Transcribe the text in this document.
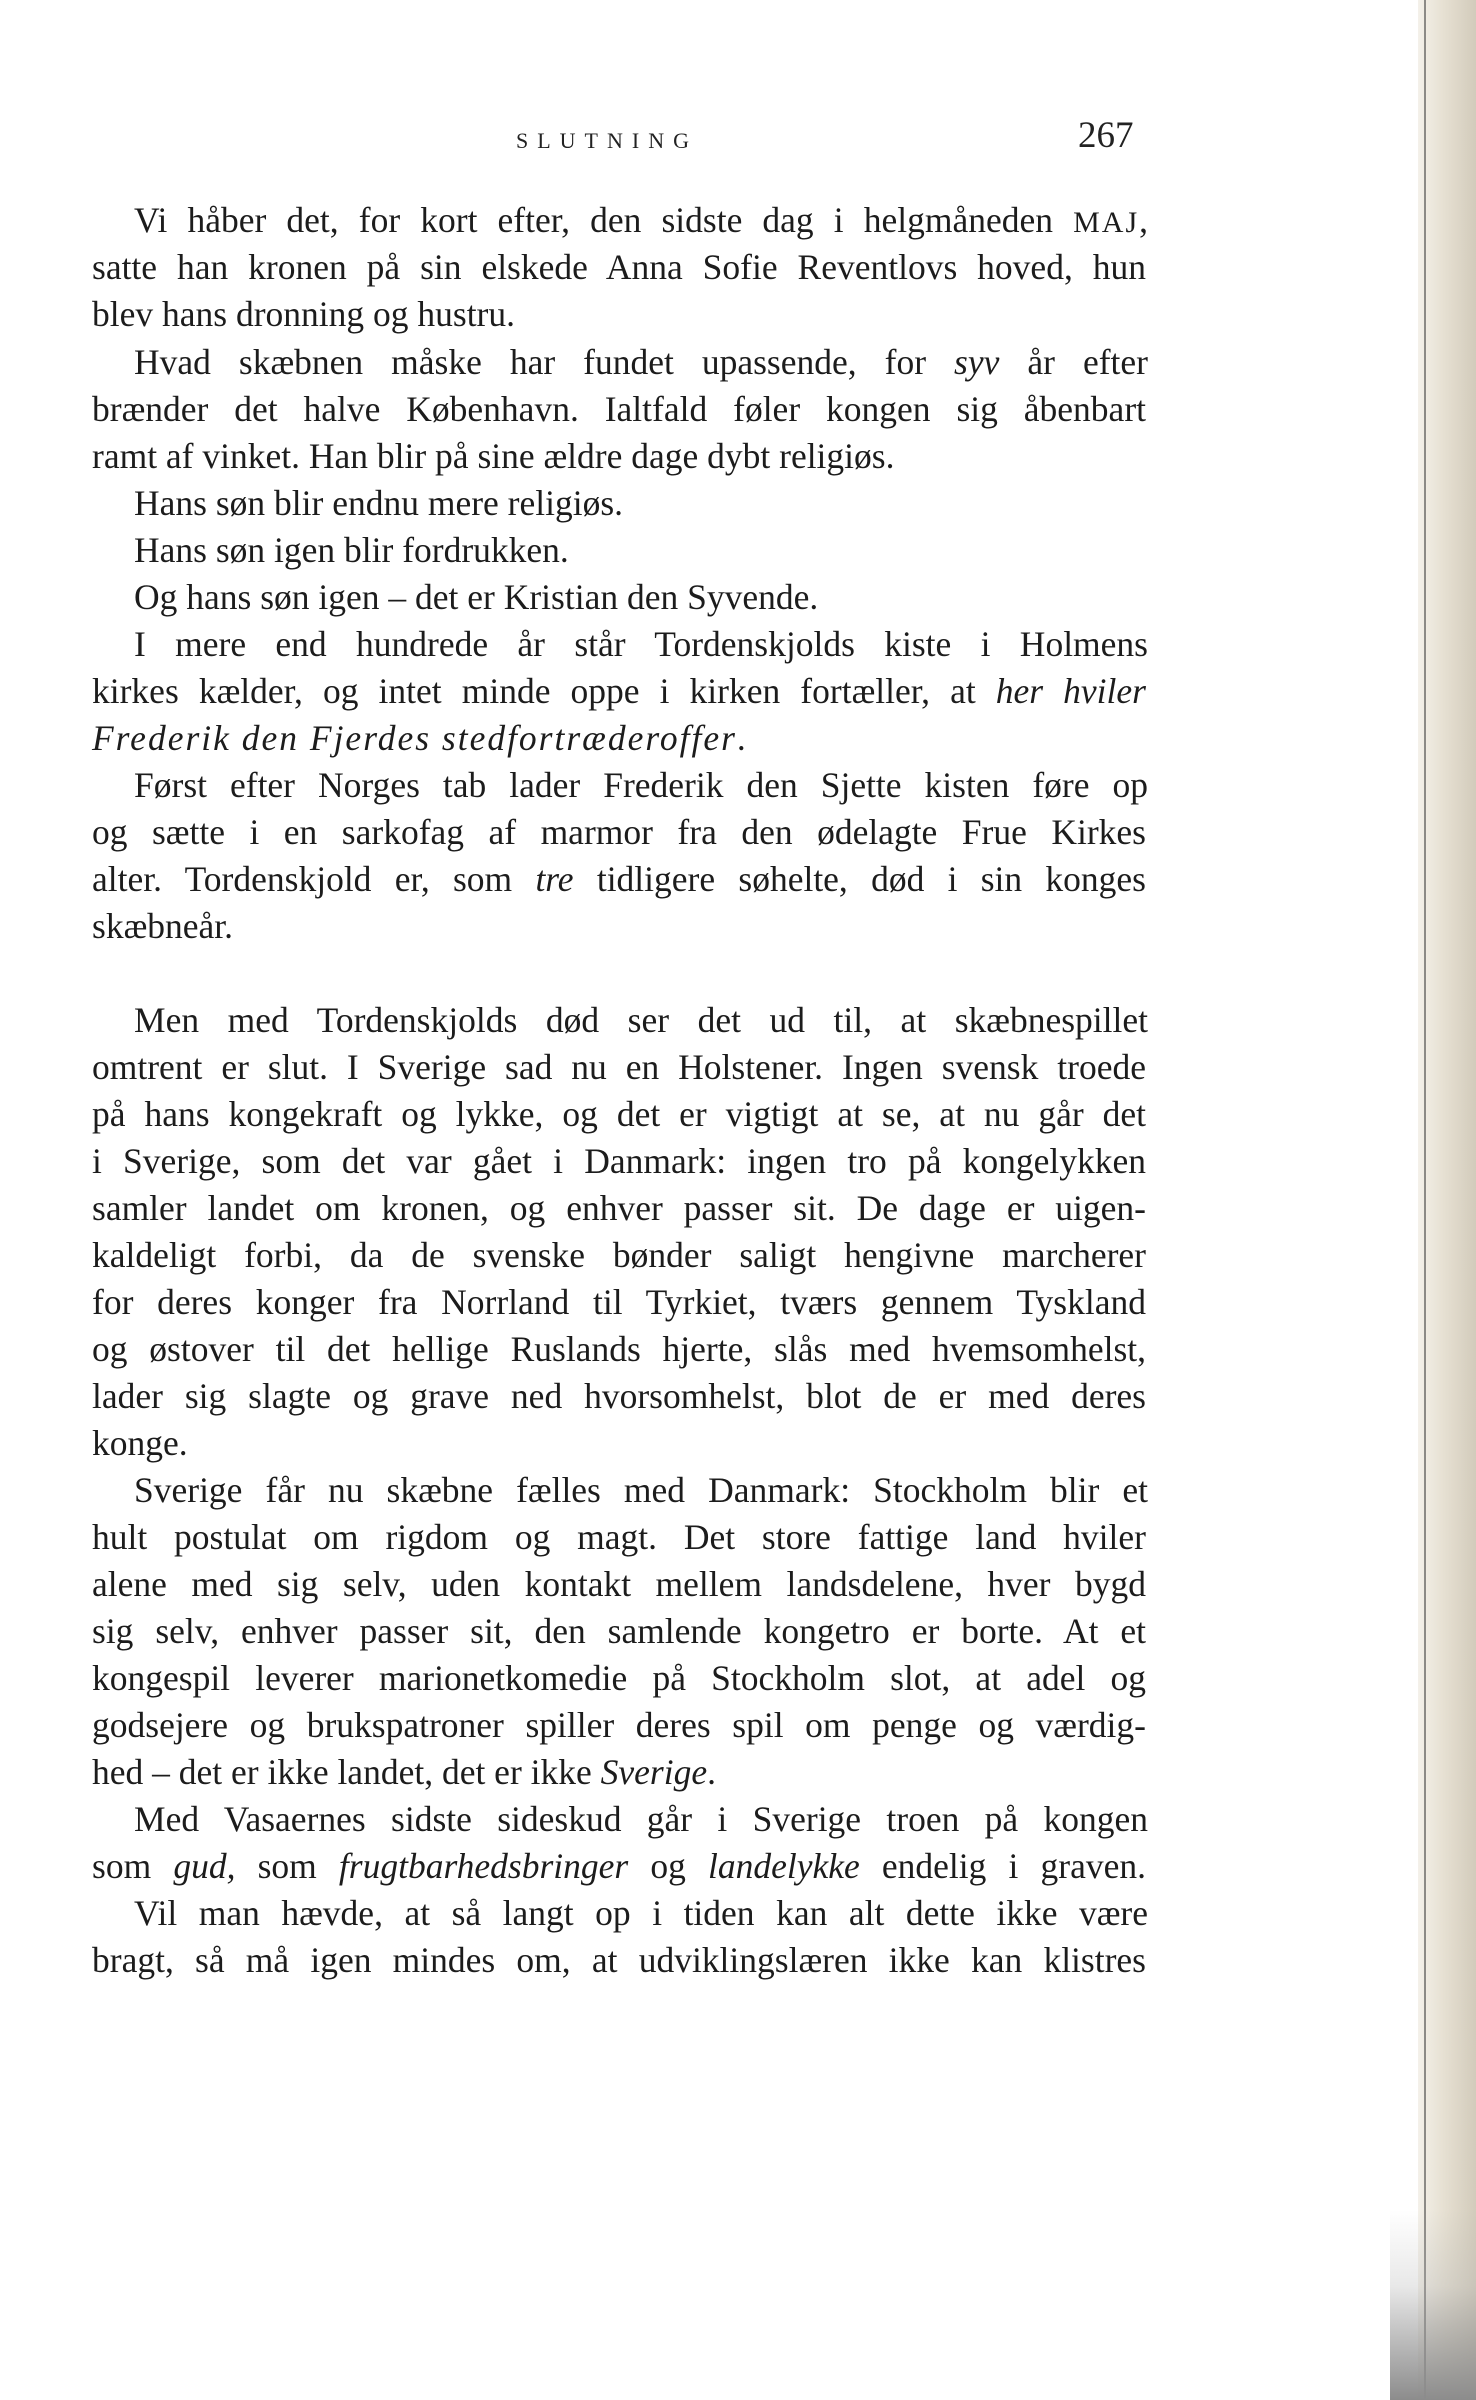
SLUTNING	267
Vi håber det, for kort efter, den sidste dag i helgmåneden MAJ,
satte han kronen på sin elskede Anna Sofie Reventlovs hoved, hun
blev hans dronning og hustru.
Hvad skæbnen måske har fundet upassende, for syv år efter
brænder det halve København. Ialtfald føler kongen sig åbenbart
ramt af vinket. Han blir på sine ældre dage dybt religiøs.
Hans søn blir endnu mere religiøs.
Hans søn igen blir fordrukken.
Og hans søn igen – det er Kristian den Syvende.
I mere end hundrede år står Tordenskjolds kiste i Holmens
kirkes kælder, og intet minde oppe i kirken fortæller, at her hviler
Frederik den Fjerdes stedfortræderoffer.
Først efter Norges tab lader Frederik den Sjette kisten føre op
og sætte i en sarkofag af marmor fra den ødelagte Frue Kirkes
alter. Tordenskjold er, som tre tidligere søhelte, død i sin konges
skæbneår.
Men med Tordenskjolds død ser det ud til, at skæbnespillet
omtrent er slut. I Sverige sad nu en Holstener. Ingen svensk troede
på hans kongekraft og lykke, og det er vigtigt at se, at nu går det
i Sverige, som det var gået i Danmark: ingen tro på kongelykken
samler landet om kronen, og enhver passer sit. De dage er uigen-
kaldeligt forbi, da de svenske bønder saligt hengivne marcherer
for deres konger fra Norrland til Tyrkiet, tværs gennem Tyskland
og østover til det hellige Ruslands hjerte, slås med hvemsomhelst,
lader sig slagte og grave ned hvorsomhelst, blot de er med deres
konge.
Sverige får nu skæbne fælles med Danmark: Stockholm blir et
hult postulat om rigdom og magt. Det store fattige land hviler
alene med sig selv, uden kontakt mellem landsdelene, hver bygd
sig selv, enhver passer sit, den samlende kongetro er borte. At et
kongespil leverer marionetkomedie på Stockholm slot, at adel og
godsejere og brukspatroner spiller deres spil om penge og værdig-
hed – det er ikke landet, det er ikke Sverige.
Med Vasaernes sidste sideskud går i Sverige troen på kongen
som gud, som frugtbarhedsbringer og landelykke endelig i graven.
Vil man hævde, at så langt op i tiden kan alt dette ikke være
bragt, så må igen mindes om, at udviklingslæren ikke kan klistres
